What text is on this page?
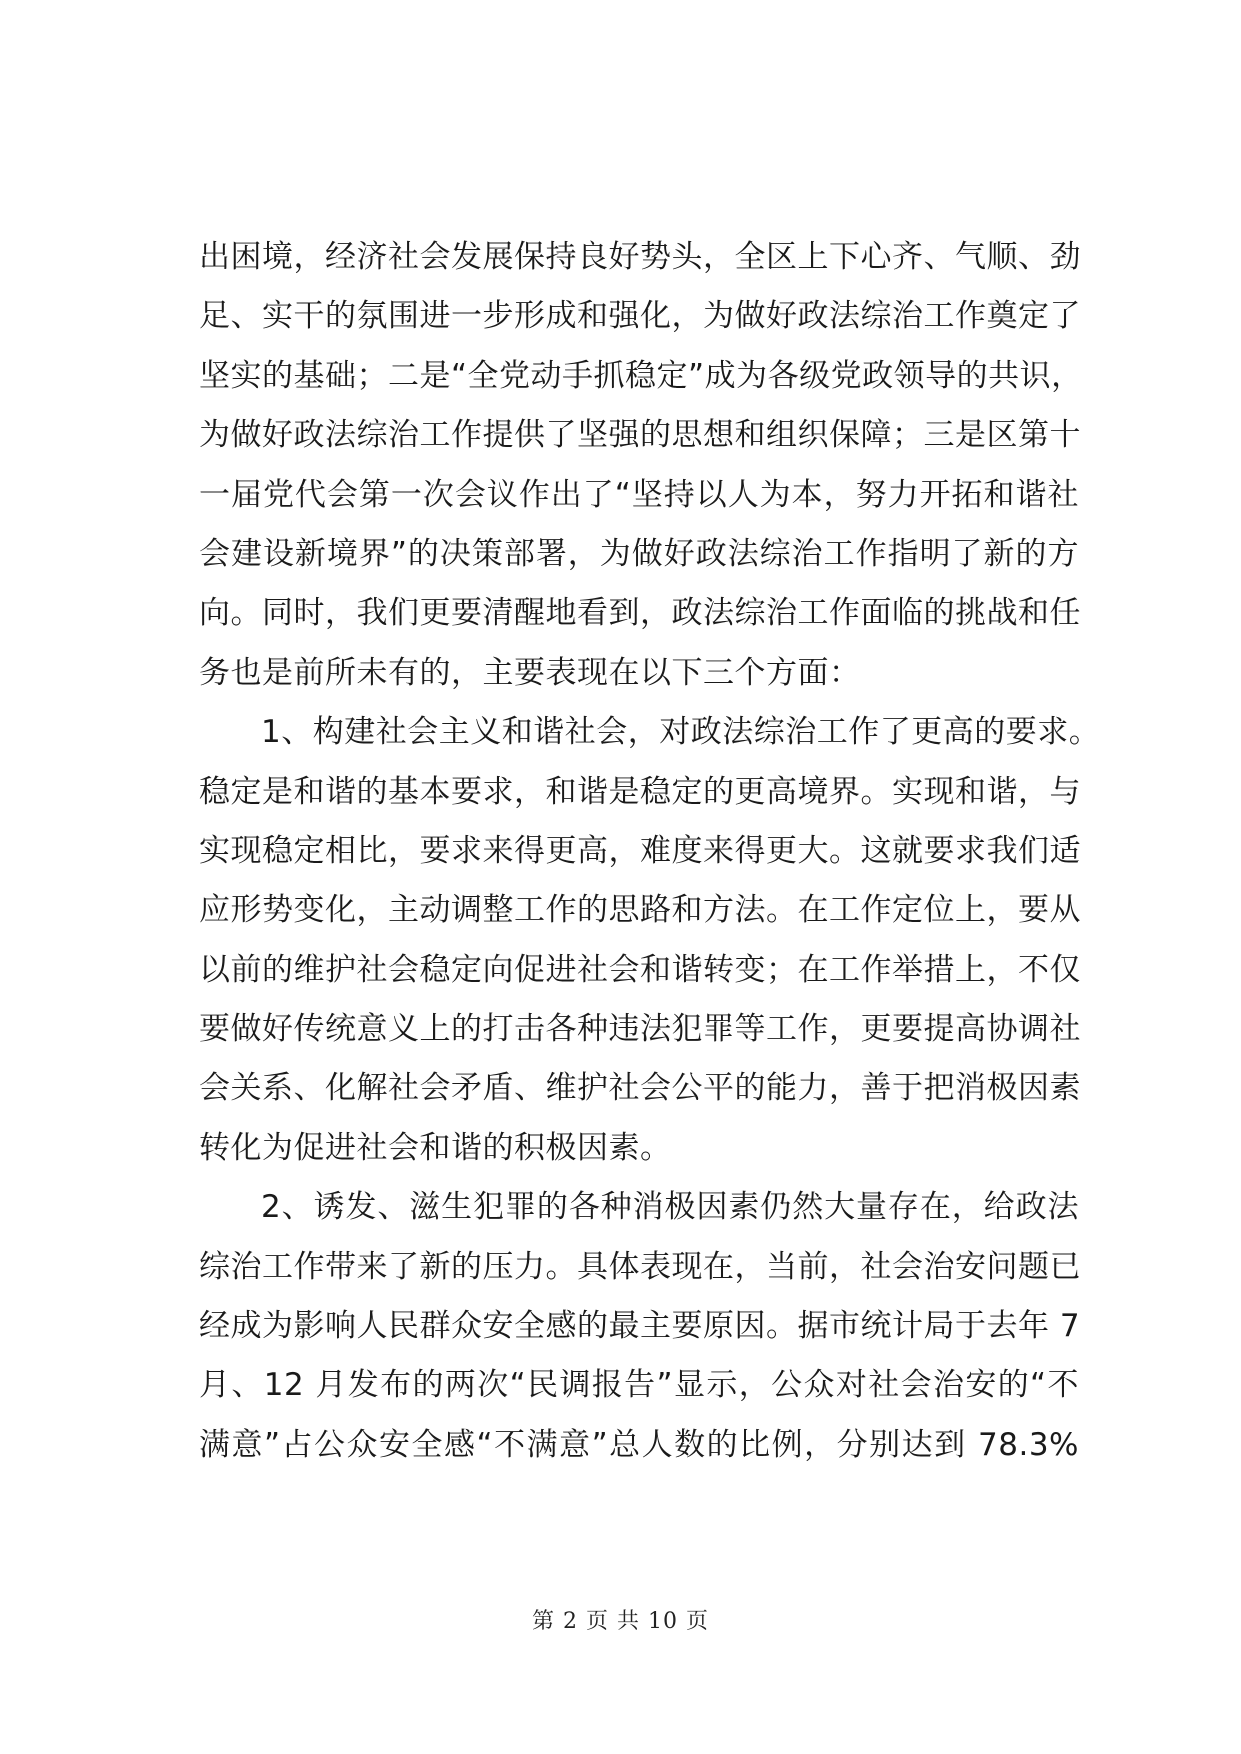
出困境，经济社会发展保持良好势头，全区上下心齐、气顺、劲
足、实干的氛围进一步形成和强化，为做好政法综治工作奠定了
坚实的基础；二是“全党动手抓稳定”成为各级党政领导的共识，
为做好政法综治工作提供了坚强的思想和组织保障；三是区第十
一届党代会第一次会议作出了“坚持以人为本，努力开拓和谐社
会建设新境界”的决策部署，为做好政法综治工作指明了新的方
向。同时，我们更要清醒地看到，政法综治工作面临的挑战和任
务也是前所未有的，主要表现在以下三个方面：
1、构建社会主义和谐社会，对政法综治工作了更高的要求。
稳定是和谐的基本要求，和谐是稳定的更高境界。实现和谐，与
实现稳定相比，要求来得更高，难度来得更大。这就要求我们适
应形势变化，主动调整工作的思路和方法。在工作定位上，要从
以前的维护社会稳定向促进社会和谐转变；在工作举措上，不仅
要做好传统意义上的打击各种违法犯罪等工作，更要提高协调社
会关系、化解社会矛盾、维护社会公平的能力，善于把消极因素
转化为促进社会和谐的积极因素。
2、诱发、滋生犯罪的各种消极因素仍然大量存在，给政法
综治工作带来了新的压力。具体表现在，当前，社会治安问题已
经成为影响人民群众安全感的最主要原因。据市统计局于去年 7
月、12 月发布的两次“民调报告”显示，公众对社会治安的“不
满意”占公众安全感“不满意”总人数的比例，分别达到 78.3%
第 2 页 共 10 页
